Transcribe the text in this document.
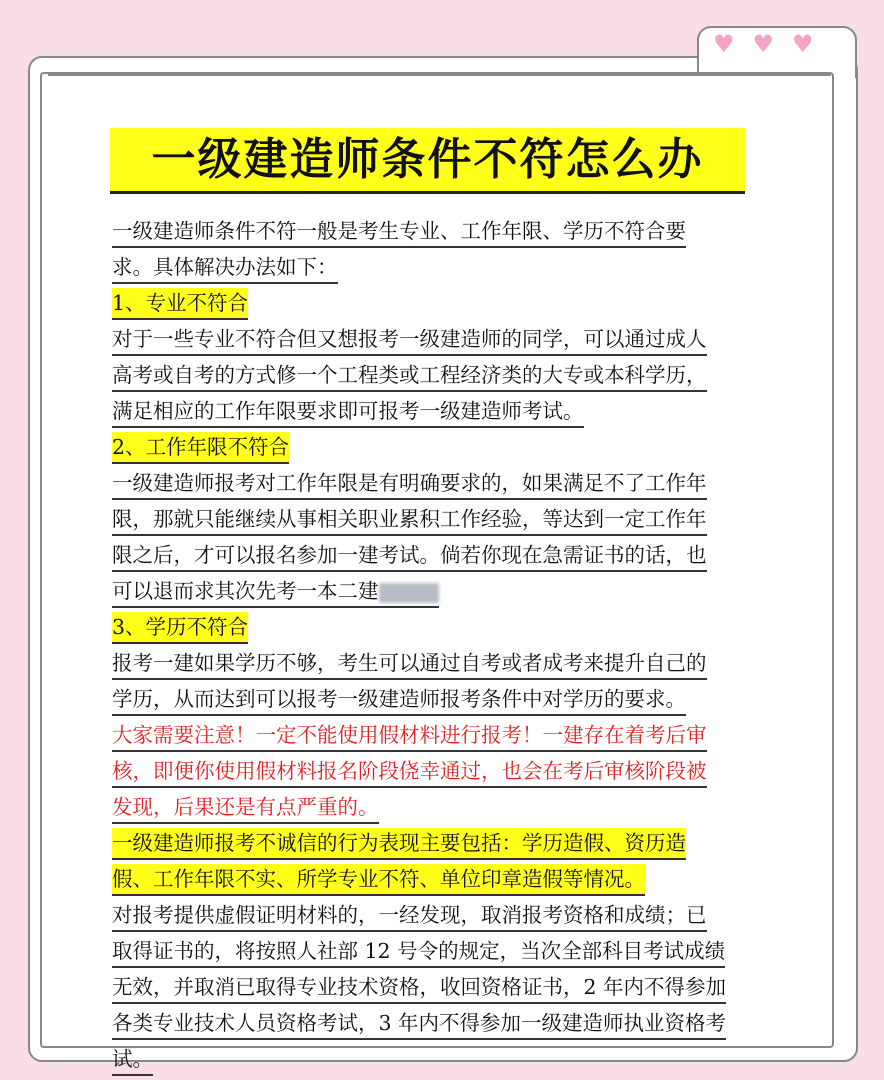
♥ ♥ ♥
一级建造师条件不符怎么办
一级建造师条件不符一般是考生专业、工作年限、学历不符合要
求。具体解决办法如下：
1、专业不符合
对于一些专业不符合但又想报考一级建造师的同学，可以通过成人
高考或自考的方式修一个工程类或工程经济类的大专或本科学历，
满足相应的工作年限要求即可报考一级建造师考试。
2、工作年限不符合
一级建造师报考对工作年限是有明确要求的，如果满足不了工作年
限，那就只能继续从事相关职业累积工作经验，等达到一定工作年
限之后，才可以报名参加一建考试。倘若你现在急需证书的话，也
可以退而求其次先考一本二建
3、学历不符合
报考一建如果学历不够，考生可以通过自考或者成考来提升自己的
学历，从而达到可以报考一级建造师报考条件中对学历的要求。
大家需要注意！一定不能使用假材料进行报考！一建存在着考后审
核，即便你使用假材料报名阶段侥幸通过，也会在考后审核阶段被
发现，后果还是有点严重的。
一级建造师报考不诚信的行为表现主要包括：学历造假、资历造
假、工作年限不实、所学专业不符、单位印章造假等情况。
对报考提供虚假证明材料的，一经发现，取消报考资格和成绩；已
取得证书的，将按照人社部 12 号令的规定，当次全部科目考试成绩
无效，并取消已取得专业技术资格，收回资格证书，2 年内不得参加
各类专业技术人员资格考试，3 年内不得参加一级建造师执业资格考
试。
